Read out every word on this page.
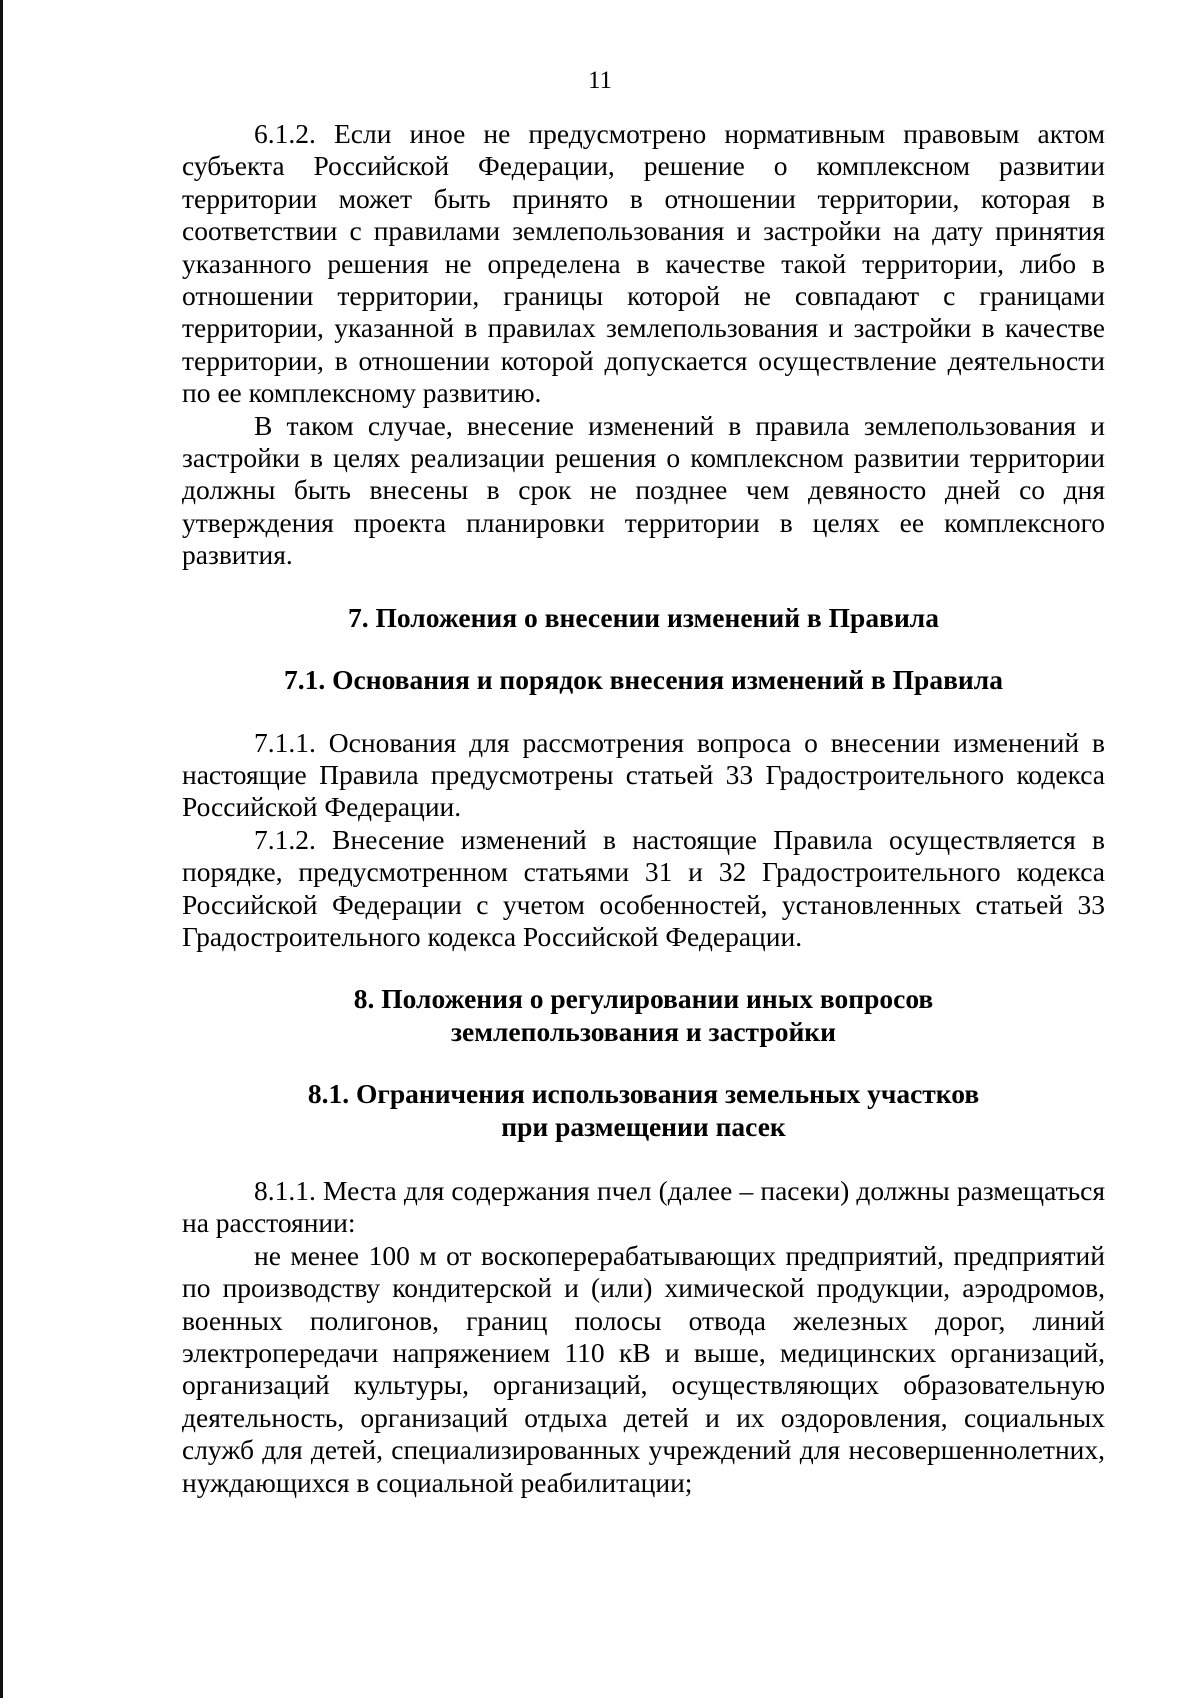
11

6.1.2. Если иное не предусмотрено нормативным правовым актом субъекта Российской Федерации, решение о комплексном развитии территории может быть принято в отношении территории, которая в соответствии с правилами землепользования и застройки на дату принятия указанного решения не определена в качестве такой территории, либо в отношении территории, границы которой не совпадают с границами территории, указанной в правилах землепользования и застройки в качестве территории, в отношении которой допускается осуществление деятельности по ее комплексному развитию.

В таком случае, внесение изменений в правила землепользования и застройки в целях реализации решения о комплексном развитии территории должны быть внесены в срок не позднее чем девяносто дней со дня утверждения проекта планировки территории в целях ее комплексного развития.

7. Положения о внесении изменений в Правила
7.1. Основания и порядок внесения изменений в Правила

7.1.1. Основания для рассмотрения вопроса о внесении изменений в настоящие Правила предусмотрены статьей 33 Градостроительного кодекса Российской Федерации.

7.1.2. Внесение изменений в настоящие Правила осуществляется в порядке, предусмотренном статьями 31 и 32 Градостроительного кодекса Российской Федерации с учетом особенностей, установленных статьей 33 Градостроительного кодекса Российской Федерации.

8. Положения о регулировании иных вопросов
землепользования и застройки
8.1. Ограничения использования земельных участков
при размещении пасек

8.1.1. Места для содержания пчел (далее – пасеки) должны размещаться на расстоянии:

не менее 100 м от воскоперерабатывающих предприятий, предприятий по производству кондитерской и (или) химической продукции, аэродромов, военных полигонов, границ полосы отвода железных дорог, линий электропередачи напряжением 110 кВ и выше, медицинских организаций, организаций культуры, организаций, осуществляющих образовательную деятельность, организаций отдыха детей и их оздоровления, социальных служб для детей, специализированных учреждений для несовершеннолетних, нуждающихся в социальной реабилитации;
